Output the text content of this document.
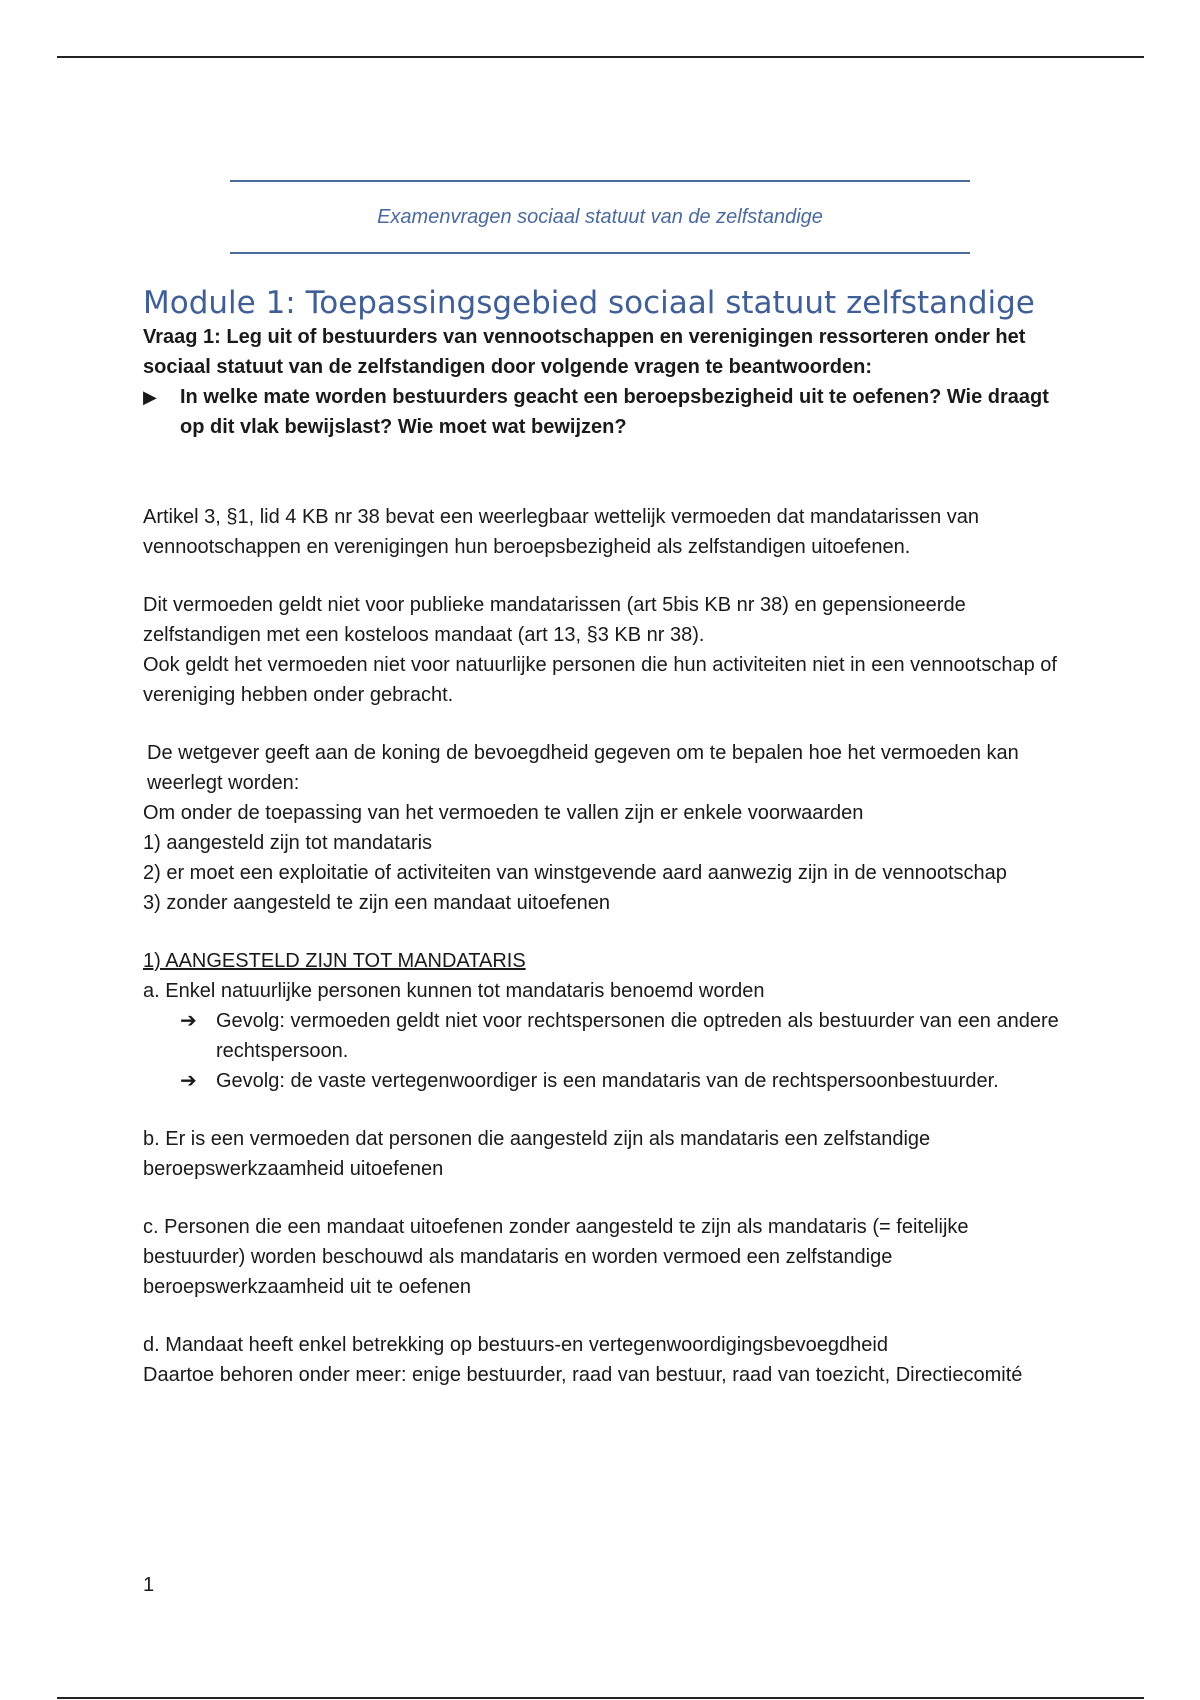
Examenvragen sociaal statuut van de zelfstandige
Module 1: Toepassingsgebied sociaal statuut zelfstandige

Vraag 1: Leg uit of bestuurders van vennootschappen en verenigingen ressorteren onder het sociaal statuut van de zelfstandigen door volgende vragen te beantwoorden:

▶	In welke mate worden bestuurders geacht een beroepsbezigheid uit te oefenen? Wie draagt op dit vlak bewijslast? Wie moet wat bewijzen?

Artikel 3, §1, lid 4 KB nr 38 bevat een weerlegbaar wettelijk vermoeden dat mandatarissen van vennootschappen en verenigingen hun beroepsbezigheid als zelfstandigen uitoefenen.

Dit vermoeden geldt niet voor publieke mandatarissen (art 5bis KB nr 38) en gepensioneerde zelfstandigen met een kosteloos mandaat (art 13, §3 KB nr 38).

Ook geldt het vermoeden niet voor natuurlijke personen die hun activiteiten niet in een vennootschap of vereniging hebben onder gebracht.

De wetgever geeft aan de koning de bevoegdheid gegeven om te bepalen hoe het vermoeden kan weerlegt worden:

Om onder de toepassing van het vermoeden te vallen zijn er enkele voorwaarden

1) aangesteld zijn tot mandataris

2) er moet een exploitatie of activiteiten van winstgevende aard aanwezig zijn in de vennootschap

3) zonder aangesteld te zijn een mandaat uitoefenen

1) AANGESTELD ZIJN TOT MANDATARIS

a. Enkel natuurlijke personen kunnen tot mandataris benoemd worden

➔ Gevolg: vermoeden geldt niet voor rechtspersonen die optreden als bestuurder van een andere rechtspersoon.
➔ Gevolg: de vaste vertegenwoordiger is een mandataris van de rechtspersoonbestuurder.

b. Er is een vermoeden dat personen die aangesteld zijn als mandataris een zelfstandige beroepswerkzaamheid uitoefenen

c. Personen die een mandaat uitoefenen zonder aangesteld te zijn als mandataris (= feitelijke bestuurder) worden beschouwd als mandataris en worden vermoed een zelfstandige beroepswerkzaamheid uit te oefenen

d. Mandaat heeft enkel betrekking op bestuurs-en vertegenwoordigingsbevoegdheid

Daartoe behoren onder meer: enige bestuurder, raad van bestuur, raad van toezicht, Directiecomité

1
